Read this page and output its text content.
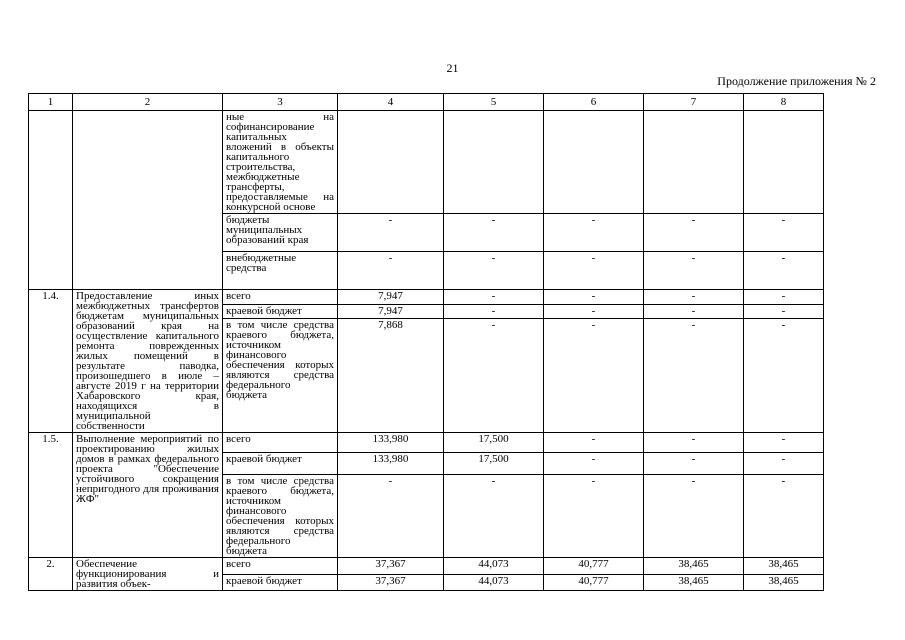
21
Продолжение приложения № 2
1	2	3	4	5	6	7	8
		ные на софинансирование капитальных вложений в объекты капитального строительства, межбюджетные трансферты, предоставляемые на конкурсной основе					
		бюджеты муниципальных образований края	-	-	-	-	-
		внебюджетные средства	-	-	-	-	-
1.4.	Предоставление иных межбюджетных трансфертов бюджетам муниципальных образований края на осуществление капитального ремонта поврежденных жилых помещений в результате паводка, произошедшего в июле – августе 2019 г на территории Хабаровского края, находящихся в муниципальной собственности	всего	7,947	-	-	-	-
		краевой бюджет	7,947	-	-	-	-
		в том числе средства краевого бюджета, источником финансового обеспечения которых являются средства федерального бюджета	7,868	-	-	-	-
1.5.	Выполнение мероприятий по проектированию жилых домов в рамках федерального проекта "Обеспечение устойчивого сокращения непригодного для проживания ЖФ"	всего	133,980	17,500	-	-	-
		краевой бюджет	133,980	17,500	-	-	-
		в том числе средства краевого бюджета, источником финансового обеспечения которых являются средства федерального бюджета	-	-	-	-	-
2.	Обеспечение функционирования и развития объек-	всего	37,367	44,073	40,777	38,465	38,465
		краевой бюджет	37,367	44,073	40,777	38,465	38,465
